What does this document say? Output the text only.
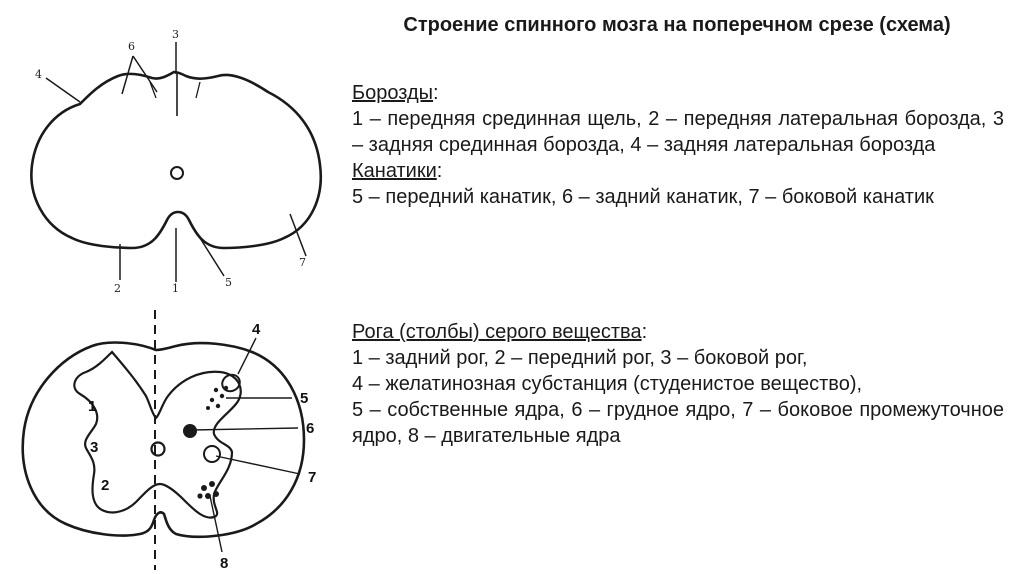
3
6
4
7
5
2	1
4
5
6
7
8
1
3
2
Строение спинного мозга на поперечном срезе (схема)

Борозды:

1 – передняя срединная щель, 2 – передняя латеральная борозда, 3 – задняя срединная борозда, 4 – задняя латеральная борозда

Канатики:

5 – передний канатик, 6 – задний канатик, 7 – боковой канатик

Рога (столбы) серого вещества:

1 – задний рог, 2 – передний рог, 3 – боковой рог,

4 – желатинозная субстанция (студенистое вещество),

5 – собственные ядра, 6 – грудное ядро, 7 – боковое промежуточное ядро, 8 – двигательные ядра
